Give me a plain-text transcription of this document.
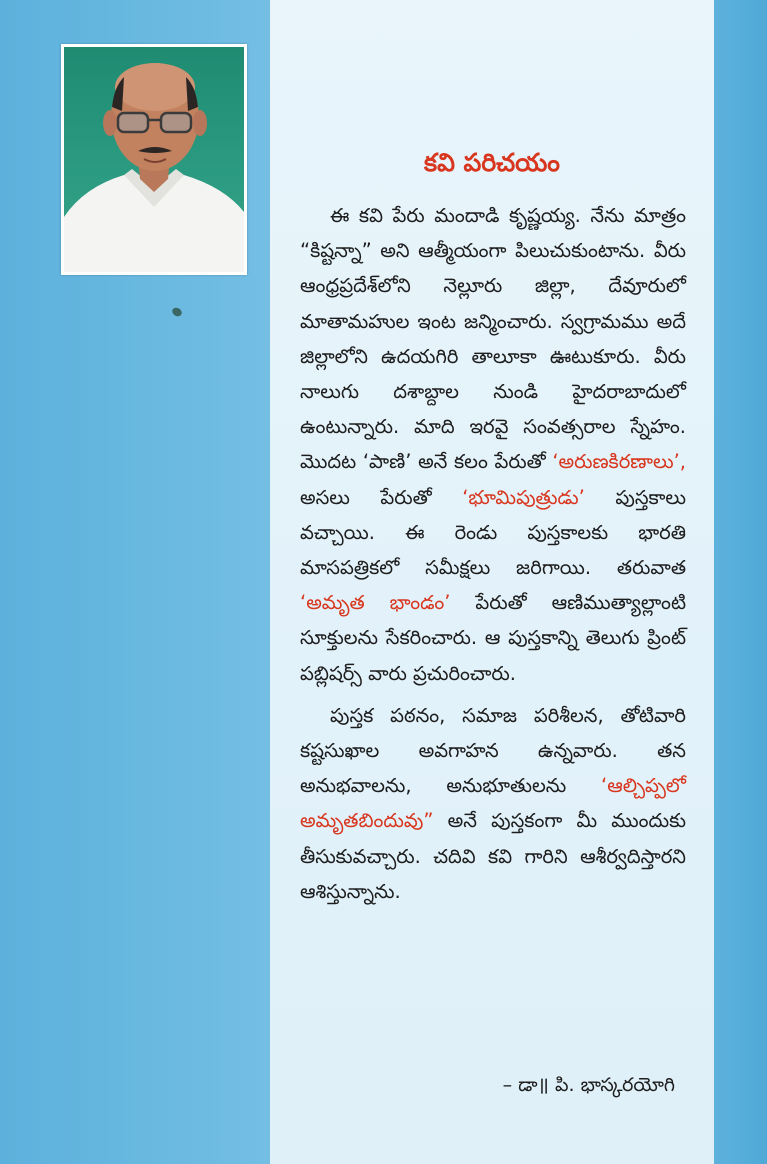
కవి పరిచయం

ఈ కవి పేరు మందాడి కృష్ణయ్య. నేను మాత్రం “కిష్టన్నా” అని ఆత్మీయంగా పిలుచుకుంటాను. వీరు ఆంధ్రప్రదేశ్‌లోని నెల్లూరు జిల్లా, దేవూరులో మాతామహుల ఇంట జన్మించారు. స్వగ్రామము అదే జిల్లాలోని ఉదయగిరి తాలూకా ఊటుకూరు. వీరు నాలుగు దశాబ్దాల నుండి హైదరాబాదులో ఉంటున్నారు. మాది ఇరవై సంవత్సరాల స్నేహం. మొదట ‘పాణి’ అనే కలం పేరుతో ‘అరుణకిరణాలు’, అసలు పేరుతో ‘భూమిపుత్రుడు’ పుస్తకాలు వచ్చాయి. ఈ రెండు పుస్తకాలకు భారతి మాసపత్రికలో సమీక్షలు జరిగాయి. తరువాత ‘అమృత భాండం’ పేరుతో ఆణిముత్యాల్లాంటి సూక్తులను సేకరించారు. ఆ పుస్తకాన్ని తెలుగు ప్రింట్ పబ్లిషర్స్ వారు ప్రచురించారు.

పుస్తక పఠనం, సమాజ పరిశీలన, తోటివారి కష్టసుఖాల అవగాహన ఉన్నవారు. తన అనుభవాలను, అనుభూతులను ‘ఆల్చిప్పలో అమృతబిందువు” అనే పుస్తకంగా మీ ముందుకు తీసుకువచ్చారు. చదివి కవి గారిని ఆశీర్వదిస్తారని ఆశిస్తున్నాను.

– డా॥ పి. భాస్కరయోగి
